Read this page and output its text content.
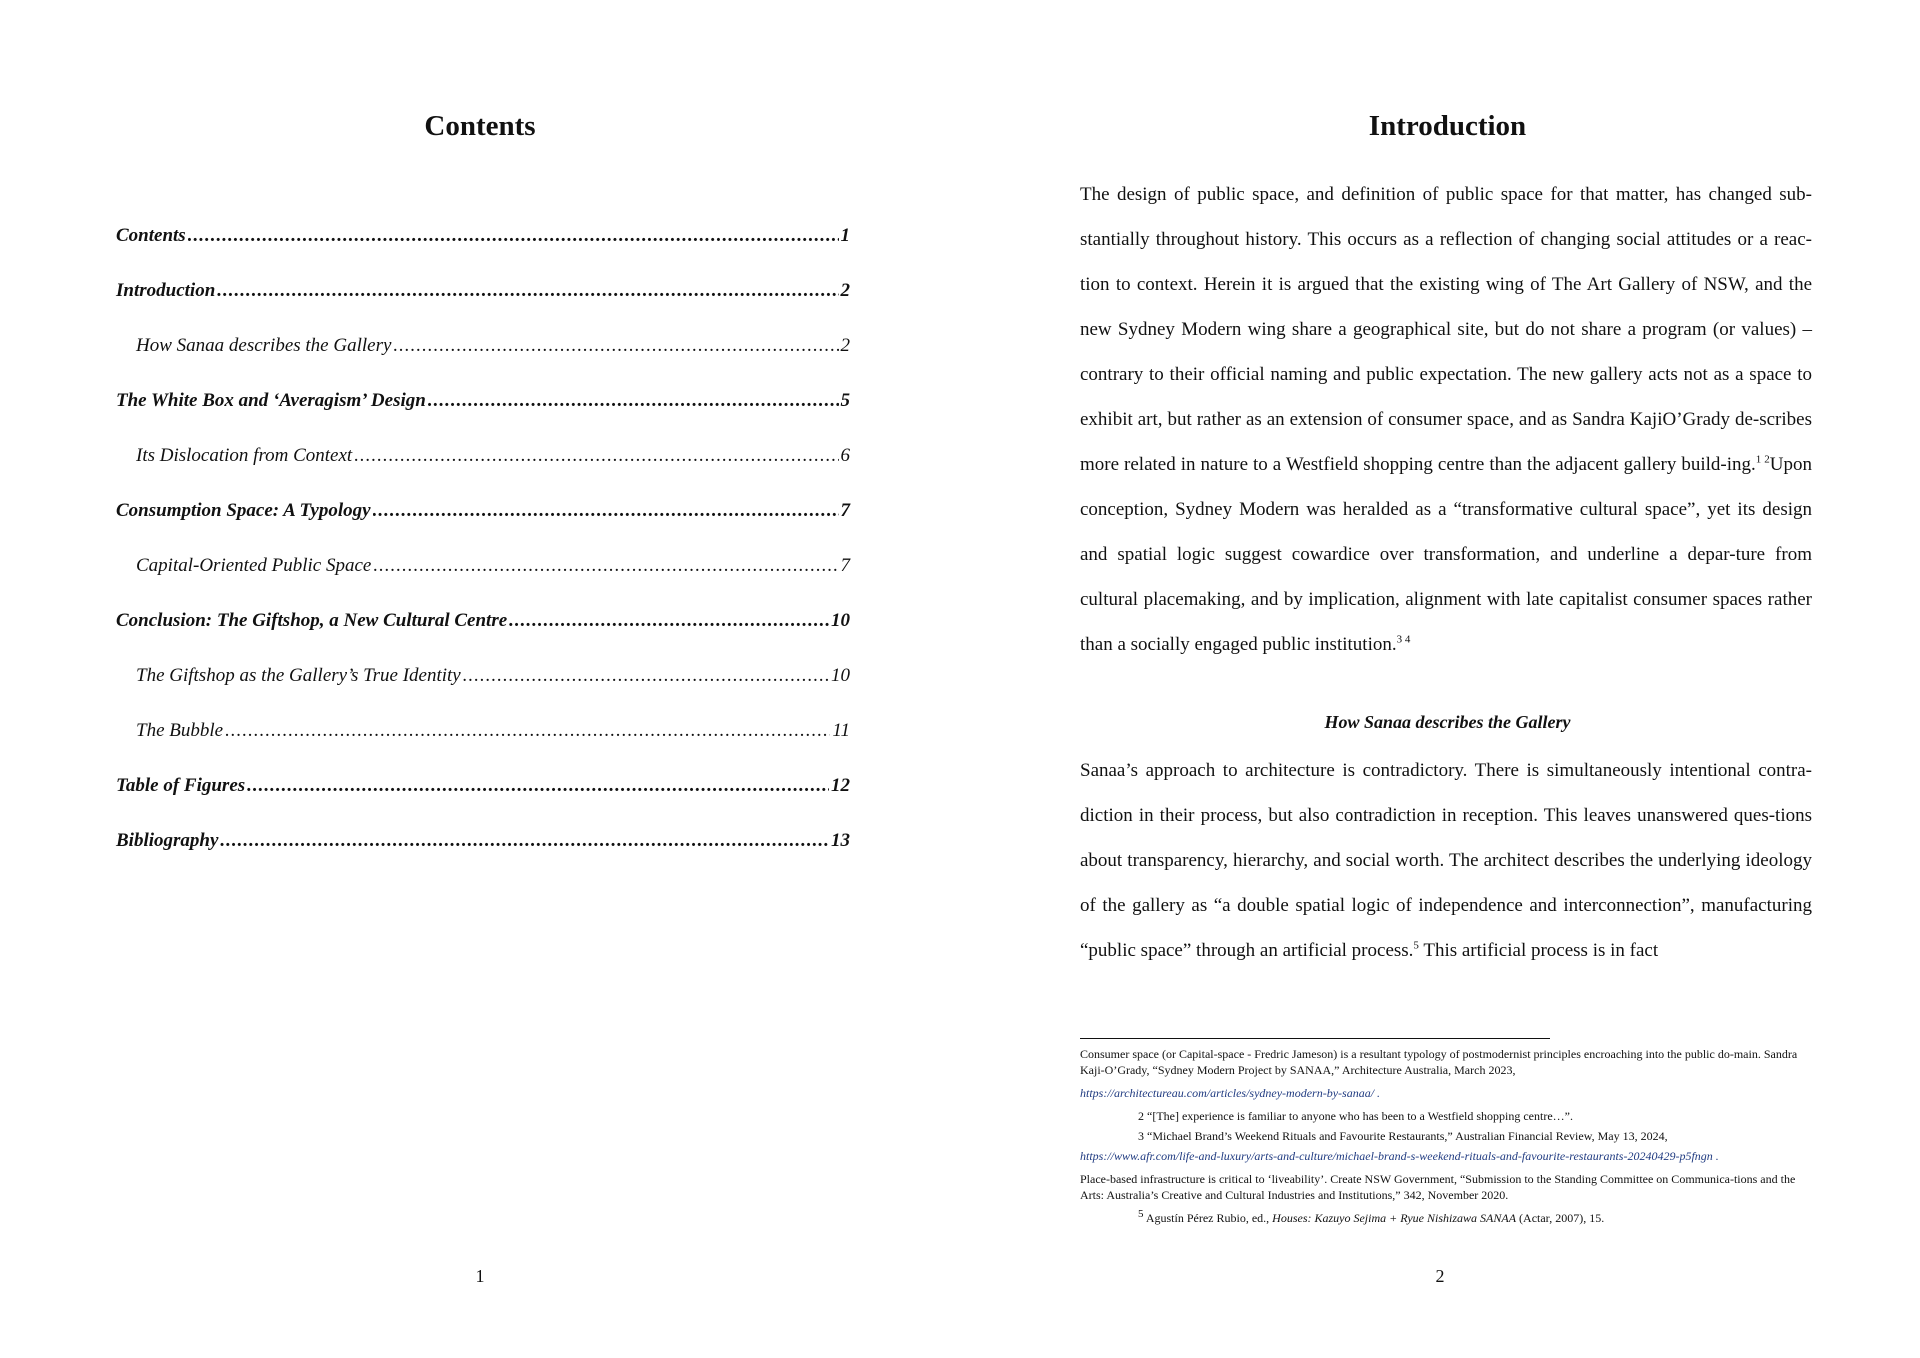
Contents
Contents .....	1
Introduction .....	2
How Sanaa describes the Gallery .....	2
The White Box and ‘Averagism’ Design .....	5
Its Dislocation from Context .....	6
Consumption Space: A Typology .....	7
Capital-Oriented Public Space .....	7
Conclusion: The Giftshop, a New Cultural Centre .....	10
The Giftshop as the Gallery’s True Identity .....	10
The Bubble .....	11
Table of Figures .....	12
Bibliography .....	13
1
Introduction

The design of public space, and definition of public space for that matter, has changed sub-stantially throughout history. This occurs as a reflection of changing social attitudes or a reac-tion to context. Herein it is argued that the existing wing of The Art Gallery of NSW, and the new Sydney Modern wing share a geographical site, but do not share a program (or values) – contrary to their official naming and public expectation. The new gallery acts not as a space to exhibit art, but rather as an extension of consumer space, and as Sandra KajiO’Grady de-scribes more related in nature to a Westfield shopping centre than the adjacent gallery build-ing.$^{1 2}$Upon conception, Sydney Modern was heralded as a “transformative cultural space”, yet its design and spatial logic suggest cowardice over transformation, and underline a depar-ture from cultural placemaking, and by implication, alignment with late capitalist consumer spaces rather than a socially engaged public institution.$^{3 4}$

How Sanaa describes the Gallery

Sanaa’s approach to architecture is contradictory. There is simultaneously intentional contra-diction in their process, but also contradiction in reception. This leaves unanswered ques-tions about transparency, hierarchy, and social worth. The architect describes the underlying ideology of the gallery as “a double spatial logic of independence and interconnection”, manufacturing “public space” through an artificial process.$^5$ This artificial process is in fact

Consumer space (or Capital-space - Fredric Jameson) is a resultant typology of postmodernist principles encroaching into the public do-main. Sandra Kaji-O’Grady, “Sydney Modern Project by SANAA,” Architecture Australia, March 2023,

https://architectureau.com/articles/sydney-modern-by-sanaa/ .

2 “[The] experience is familiar to anyone who has been to a Westfield shopping centre…”.

3 “Michael Brand’s Weekend Rituals and Favourite Restaurants,” Australian Financial Review, May 13, 2024,

https://www.afr.com/life-and-luxury/arts-and-culture/michael-brand-s-weekend-rituals-and-favourite-restaurants-20240429-p5fngn .

Place-based infrastructure is critical to ‘liveability’. Create NSW Government, “Submission to the Standing Committee on Communica-tions and the Arts: Australia’s Creative and Cultural Industries and Institutions,” 342, November 2020.

$^5$ Agustín Pérez Rubio, ed., Houses: Kazuyo Sejima + Ryue Nishizawa SANAA (Actar, 2007), 15.

2
